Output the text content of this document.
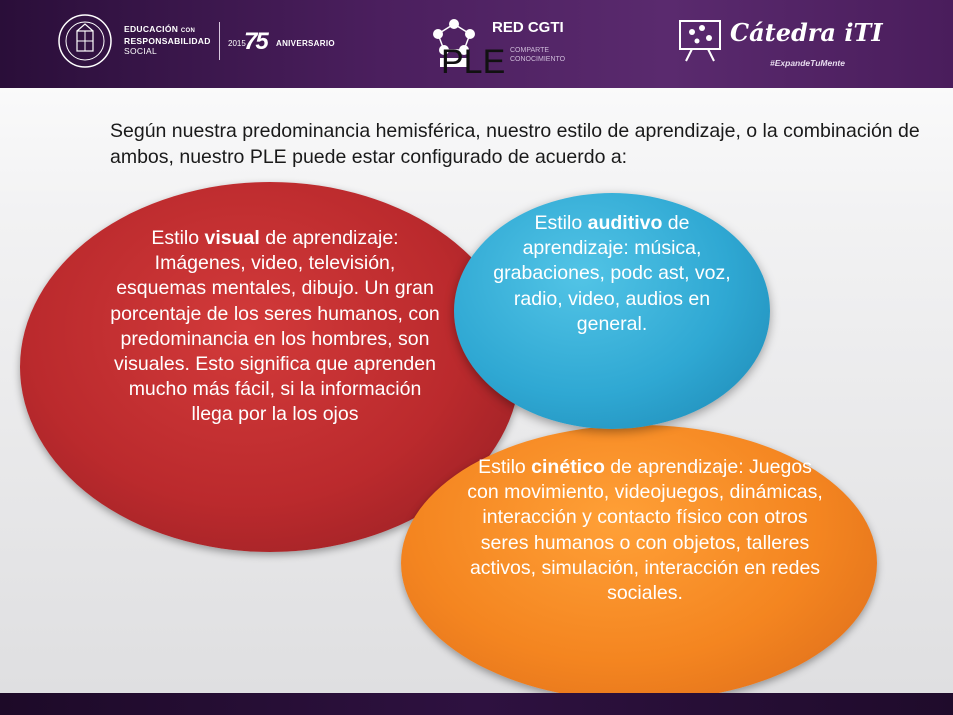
EDUCACIÓN CON
RESPONSABILIDAD
SOCIAL
2015
75 ANIVERSARIO
RED CGTI
COMPARTE
CONOCIMIENTO
Cátedra iTI
#ExpandeTuMente
PLE
Según nuestra predominancia hemisférica, nuestro estilo de aprendizaje, o la combinación de ambos, nuestro PLE puede estar configurado de acuerdo a:
Estilo visual de aprendizaje: Imágenes, video, televisión, esquemas mentales, dibujo. Un gran porcentaje de los seres humanos, con predominancia en los hombres, son visuales. Esto significa que aprenden mucho más fácil, si la información llega por la los ojos
Estilo auditivo de aprendizaje: música, grabaciones, podc ast, voz, radio, video, audios en general.
Estilo cinético de aprendizaje: Juegos con movimiento, videojuegos, dinámicas, interacción y contacto físico con otros seres humanos o con objetos, talleres activos, simulación, interacción en redes sociales.
